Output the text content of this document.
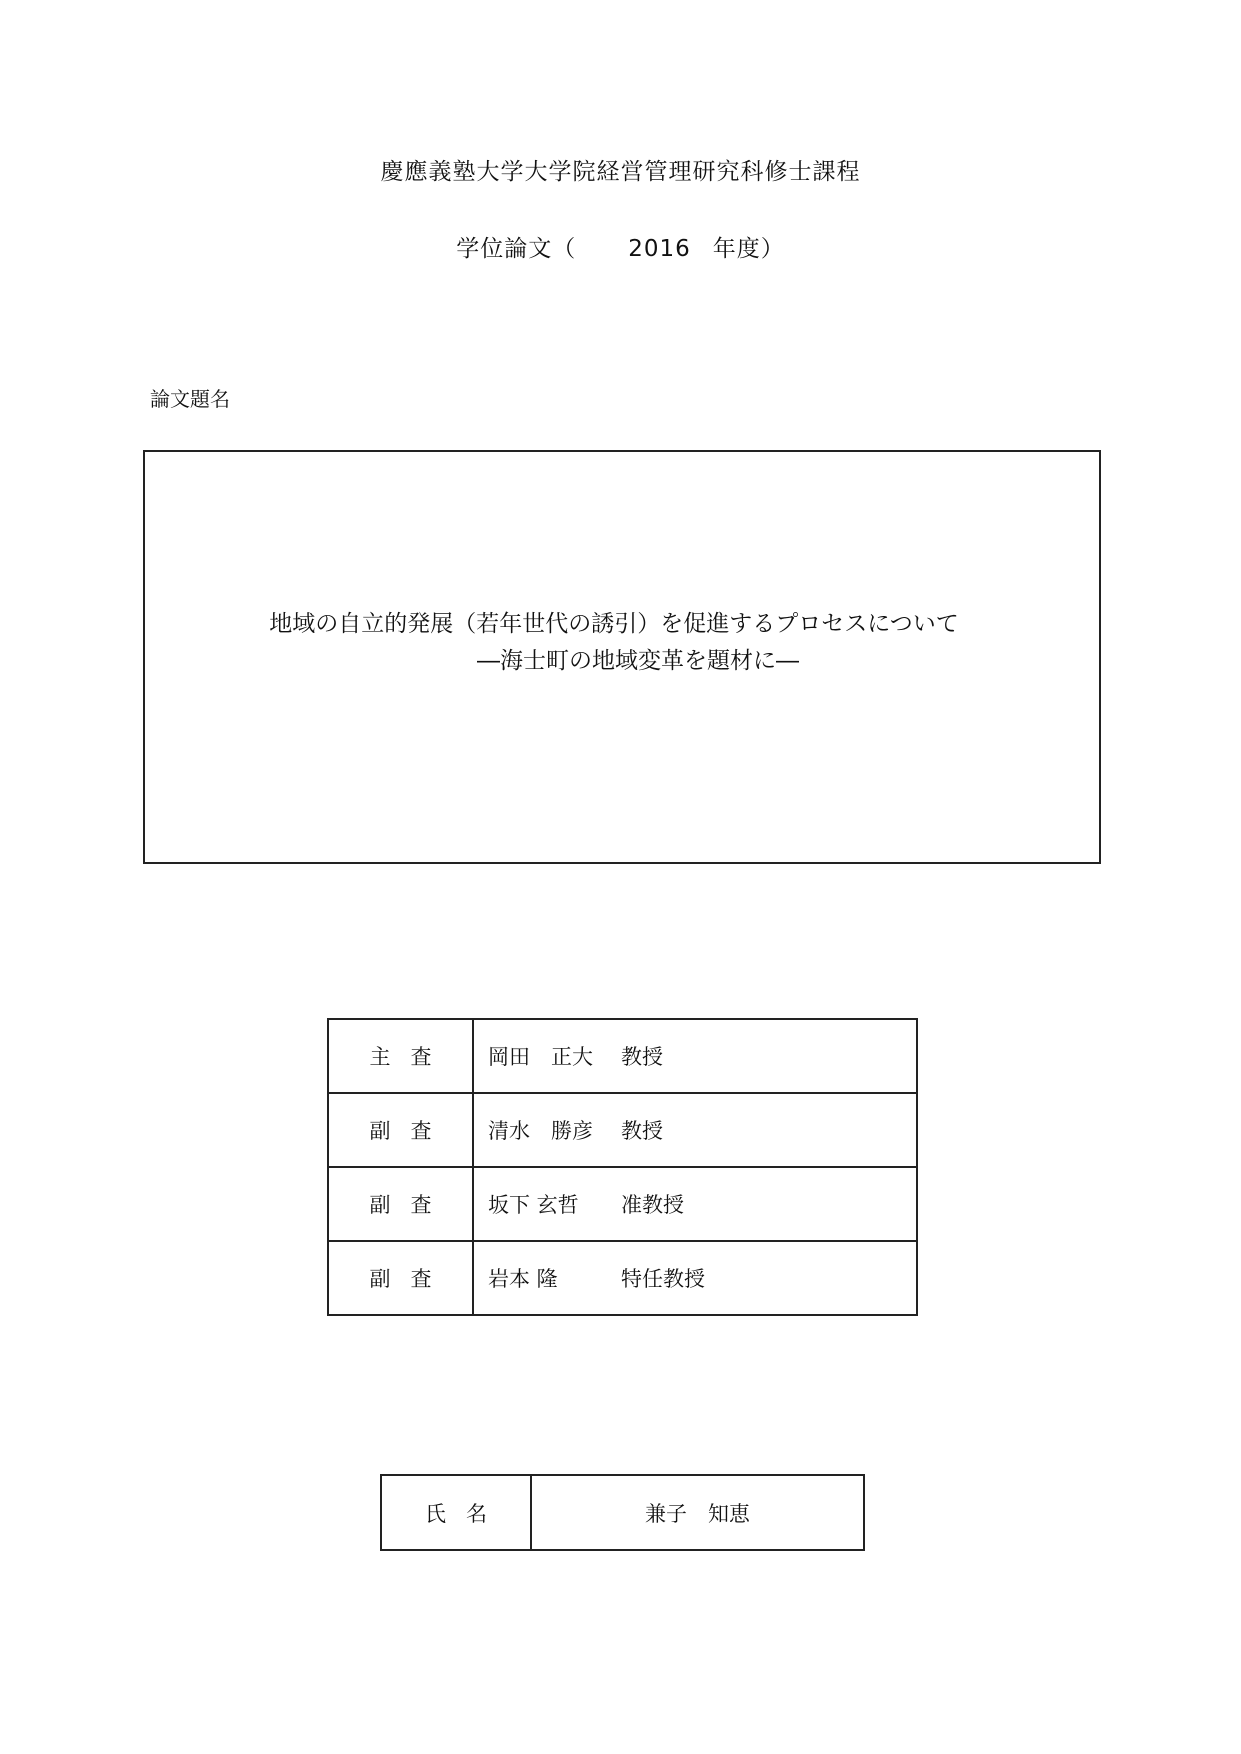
慶應義塾大学大学院経営管理研究科修士課程
学位論文（ 2016 年度）
論文題名
地域の自立的発展（若年世代の誘引）を促進するプロセスについて
―海士町の地域変革を題材に―
主査	岡田　正大 教授
副査	清水　勝彦 教授
副査	坂下 玄哲 准教授
副査	岩本 隆 特任教授
氏名	兼子　知恵
